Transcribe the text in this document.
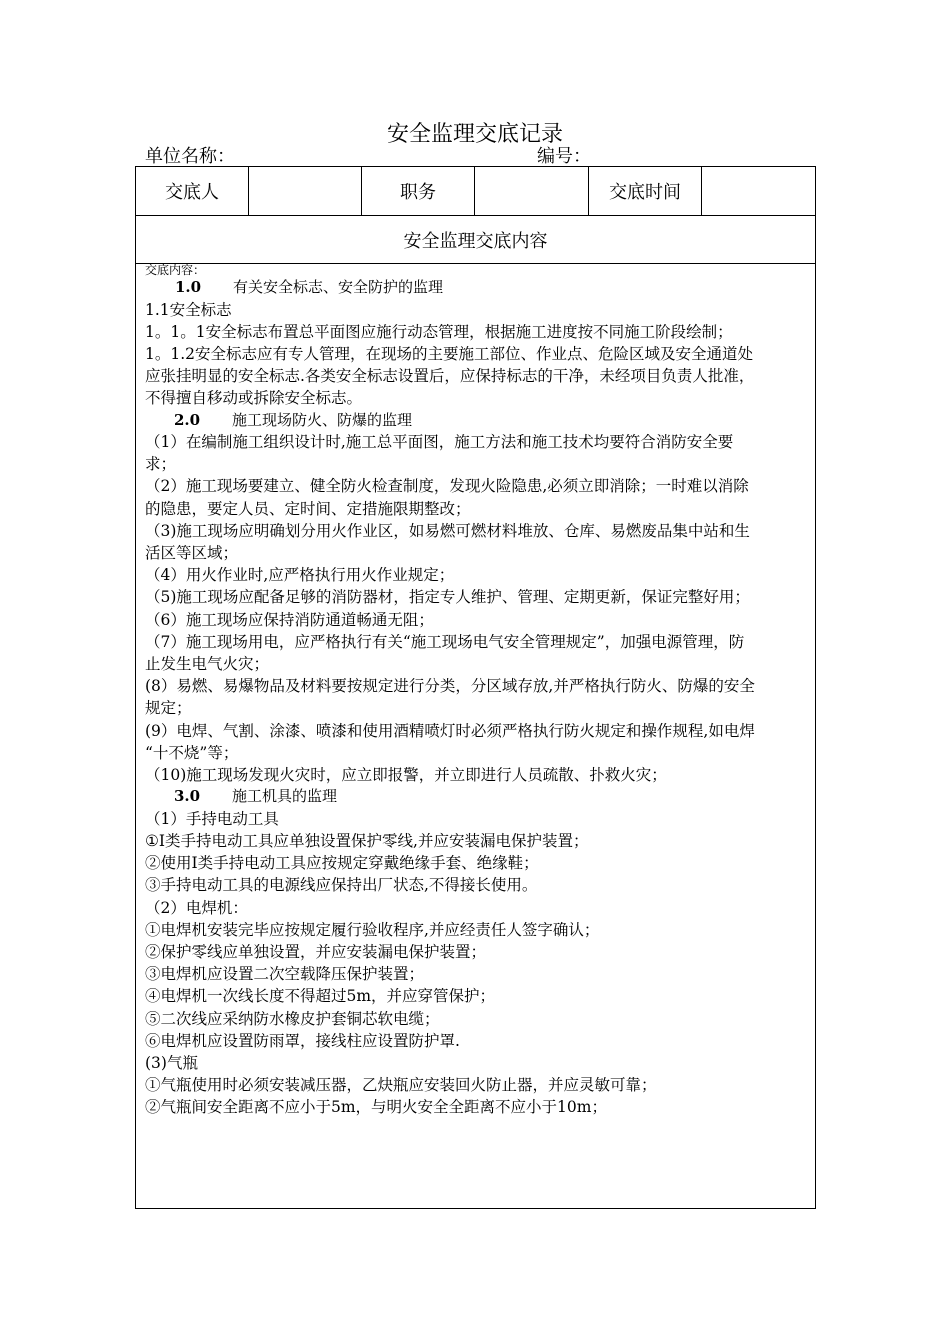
安全监理交底记录
单位名称：	编号：
交底人		职务		交底时间	
安全监理交底内容

交底内容：
1.0 有关安全标志、安全防护的监理
1.1安全标志
1。1。1安全标志布置总平面图应施行动态管理，根据施工进度按不同施工阶段绘制；
1。1.2安全标志应有专人管理，在现场的主要施工部位、作业点、危险区域及安全通道处
应张挂明显的安全标志.各类安全标志设置后，应保持标志的干净，未经项目负责人批准，
不得擅自移动或拆除安全标志。
2.0 施工现场防火、防爆的监理
（1）在编制施工组织设计时,施工总平面图，施工方法和施工技术均要符合消防安全要
求；
（2）施工现场要建立、健全防火检查制度，发现火险隐患,必须立即消除；一时难以消除
的隐患，要定人员、定时间、定措施限期整改；
（3)施工现场应明确划分用火作业区，如易燃可燃材料堆放、仓库、易燃废品集中站和生
活区等区域；
（4）用火作业时,应严格执行用火作业规定；
（5)施工现场应配备足够的消防器材，指定专人维护、管理、定期更新，保证完整好用；
（6）施工现场应保持消防通道畅通无阻；
（7）施工现场用电，应严格执行有关“施工现场电气安全管理规定”，加强电源管理，防
止发生电气火灾；
(8）易燃、易爆物品及材料要按规定进行分类，分区域存放,并严格执行防火、防爆的安全
规定；
(9）电焊、气割、涂漆、喷漆和使用酒精喷灯时必须严格执行防火规定和操作规程,如电焊
“十不烧”等；
（10)施工现场发现火灾时，应立即报警，并立即进行人员疏散、扑救火灾；
3.0 施工机具的监理
（1）手持电动工具
①Ⅰ类手持电动工具应单独设置保护零线,并应安装漏电保护装置；
②使用Ⅰ类手持电动工具应按规定穿戴绝缘手套、绝缘鞋；
③手持电动工具的电源线应保持出厂状态,不得接长使用。
（2）电焊机：
①电焊机安装完毕应按规定履行验收程序,并应经责任人签字确认；
②保护零线应单独设置，并应安装漏电保护装置；
③电焊机应设置二次空载降压保护装置；
④电焊机一次线长度不得超过5m，并应穿管保护；
⑤二次线应采纳防水橡皮护套铜芯软电缆；
⑥电焊机应设置防雨罩，接线柱应设置防护罩.
(3)气瓶
①气瓶使用时必须安装减压器，乙炔瓶应安装回火防止器，并应灵敏可靠；
②气瓶间安全距离不应小于5m，与明火安全全距离不应小于10m；
